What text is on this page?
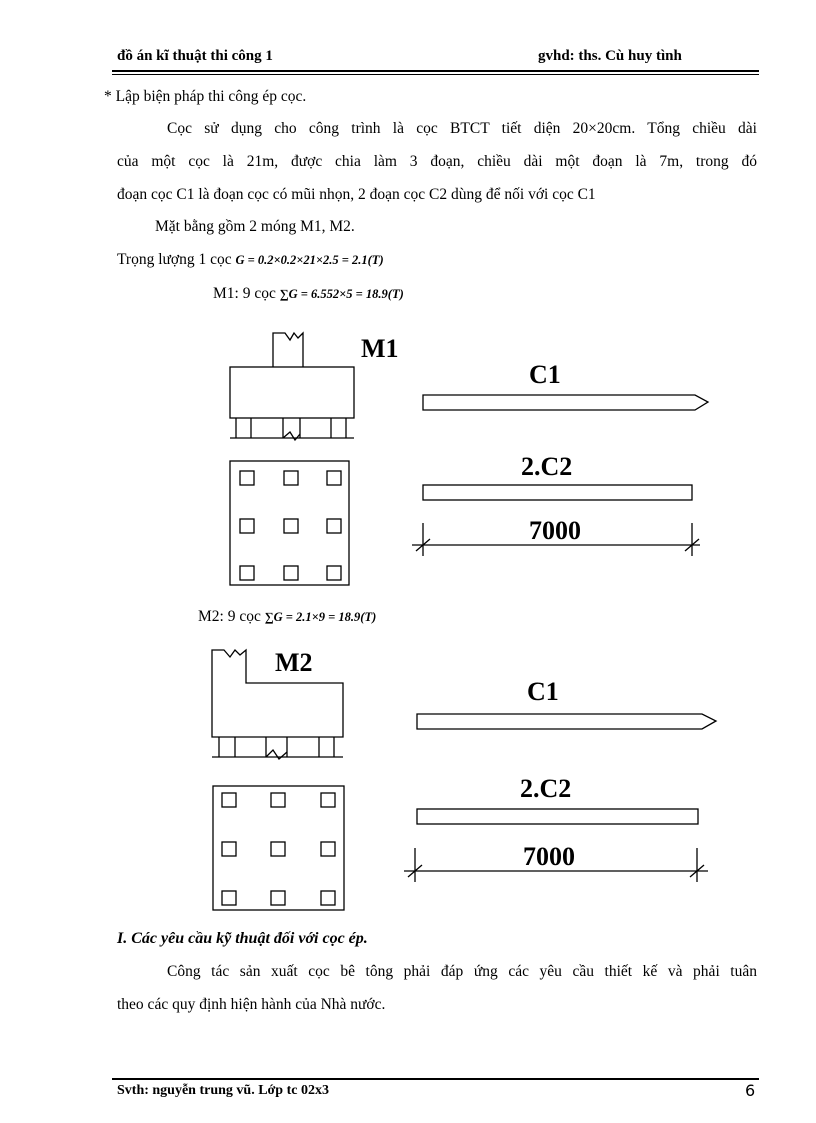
đồ án kĩ thuật thi công 1	gvhd: ths. Cù huy tình
* Lập biện pháp thi công ép cọc.
Cọc sử dụng cho công trình là cọc BTCT tiết diện 20×20cm. Tổng chiều dài
của một cọc là 21m, được chia làm 3 đoạn, chiều dài một đoạn là 7m, trong đó
đoạn cọc C1 là đoạn cọc có mũi nhọn, 2 đoạn cọc C2 dùng để nối với cọc C1
Mặt bằng gồm 2 móng M1, M2.
Trọng lượng 1 cọc G = 0.2×0.2×21×2.5 = 2.1(T)
M1: 9 cọc ∑G = 6.552×5 = 18.9(T)
M1
C1
2.C2
7000
M2: 9 cọc ∑G = 2.1×9 = 18.9(T)
M2
C1
2.C2
7000
I. Các yêu cầu kỹ thuật đối với cọc ép.
Công tác sản xuất cọc bê tông phải đáp ứng các yêu cầu thiết kế và phải tuân
theo các quy định hiện hành của Nhà nước.
Svth: nguyễn trung vũ. Lớp tc 02x3	6
